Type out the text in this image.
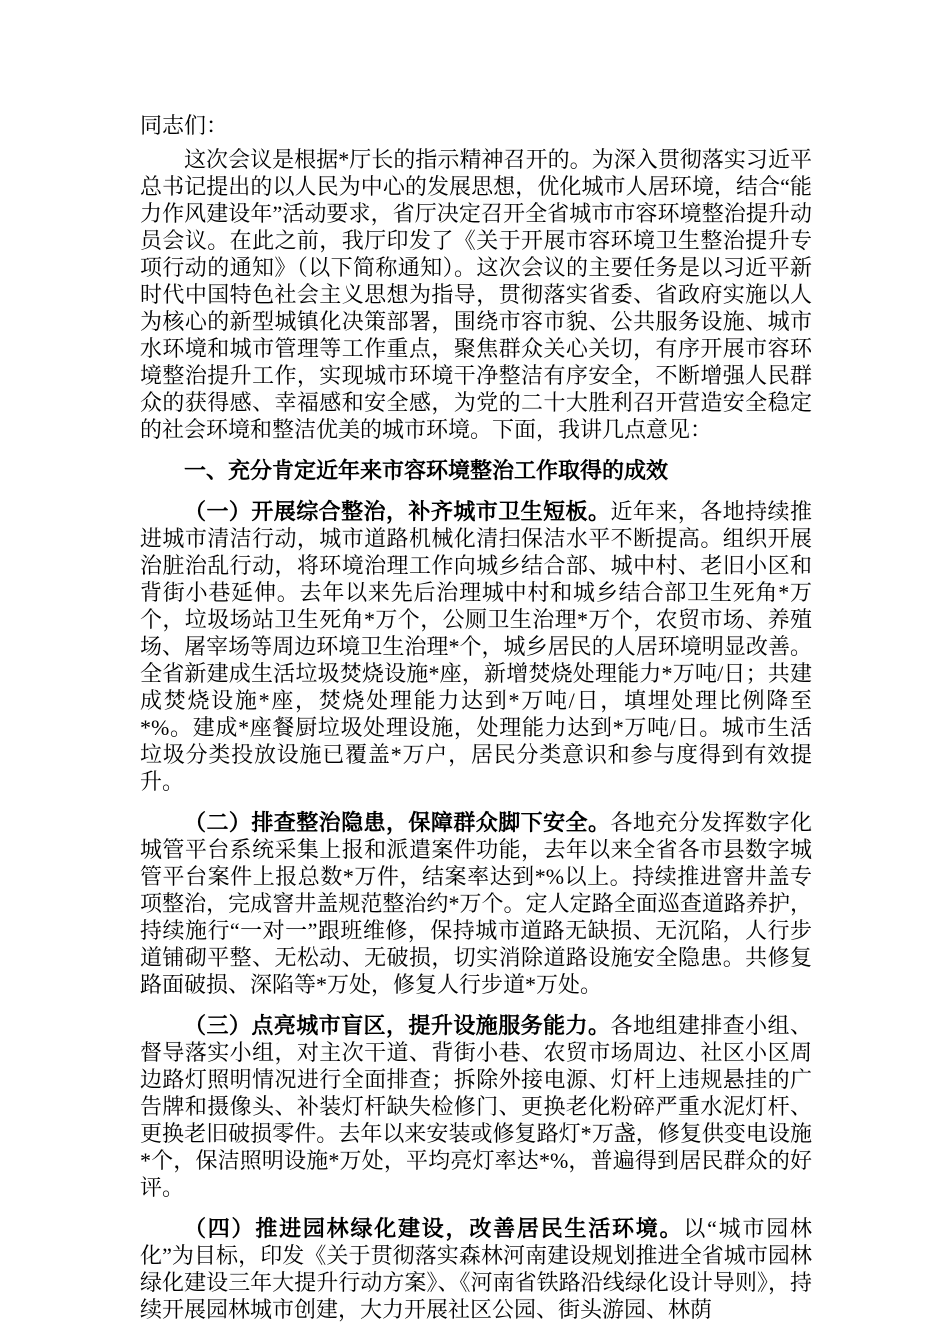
同志们：

这次会议是根据*厅长的指示精神召开的。为深入贯彻落实习近平总书记提出的以人民为中心的发展思想，优化城市人居环境，结合“能力作风建设年”活动要求，省厅决定召开全省城市市容环境整治提升动员会议。在此之前，我厅印发了《关于开展市容环境卫生整治提升专项行动的通知》（以下简称通知）。这次会议的主要任务是以习近平新时代中国特色社会主义思想为指导，贯彻落实省委、省政府实施以人为核心的新型城镇化决策部署，围绕市容市貌、公共服务设施、城市水环境和城市管理等工作重点，聚焦群众关心关切，有序开展市容环境整治提升工作，实现城市环境干净整洁有序安全，不断增强人民群众的获得感、幸福感和安全感，为党的二十大胜利召开营造安全稳定的社会环境和整洁优美的城市环境。下面，我讲几点意见：

一、充分肯定近年来市容环境整治工作取得的成效

（一）开展综合整治，补齐城市卫生短板。近年来，各地持续推进城市清洁行动，城市道路机械化清扫保洁水平不断提高。组织开展治脏治乱行动，将环境治理工作向城乡结合部、城中村、老旧小区和背街小巷延伸。去年以来先后治理城中村和城乡结合部卫生死角*万个，垃圾场站卫生死角*万个，公厕卫生治理*万个，农贸市场、养殖场、屠宰场等周边环境卫生治理*个，城乡居民的人居环境明显改善。全省新建成生活垃圾焚烧设施*座，新增焚烧处理能力*万吨/日；共建成焚烧设施*座，焚烧处理能力达到*万吨/日，填埋处理比例降至*%。建成*座餐厨垃圾处理设施，处理能力达到*万吨/日。城市生活垃圾分类投放设施已覆盖*万户，居民分类意识和参与度得到有效提升。

（二）排查整治隐患，保障群众脚下安全。各地充分发挥数字化城管平台系统采集上报和派遣案件功能，去年以来全省各市县数字城管平台案件上报总数*万件，结案率达到*%以上。持续推进窨井盖专项整治，完成窨井盖规范整治约*万个。定人定路全面巡查道路养护，持续施行“一对一”跟班维修，保持城市道路无缺损、无沉陷，人行步道铺砌平整、无松动、无破损，切实消除道路设施安全隐患。共修复路面破损、深陷等*万处，修复人行步道*万处。

（三）点亮城市盲区，提升设施服务能力。各地组建排查小组、督导落实小组，对主次干道、背街小巷、农贸市场周边、社区小区周边路灯照明情况进行全面排查；拆除外接电源、灯杆上违规悬挂的广告牌和摄像头、补装灯杆缺失检修门、更换老化粉碎严重水泥灯杆、更换老旧破损零件。去年以来安装或修复路灯*万盏，修复供变电设施*个，保洁照明设施*万处，平均亮灯率达*%，普遍得到居民群众的好评。

（四）推进园林绿化建设，改善居民生活环境。以“城市园林化”为目标，印发《关于贯彻落实森林河南建设规划推进全省城市园林绿化建设三年大提升行动方案》、《河南省铁路沿线绿化设计导则》，持续开展园林城市创建，大力开展社区公园、街头游园、林荫
